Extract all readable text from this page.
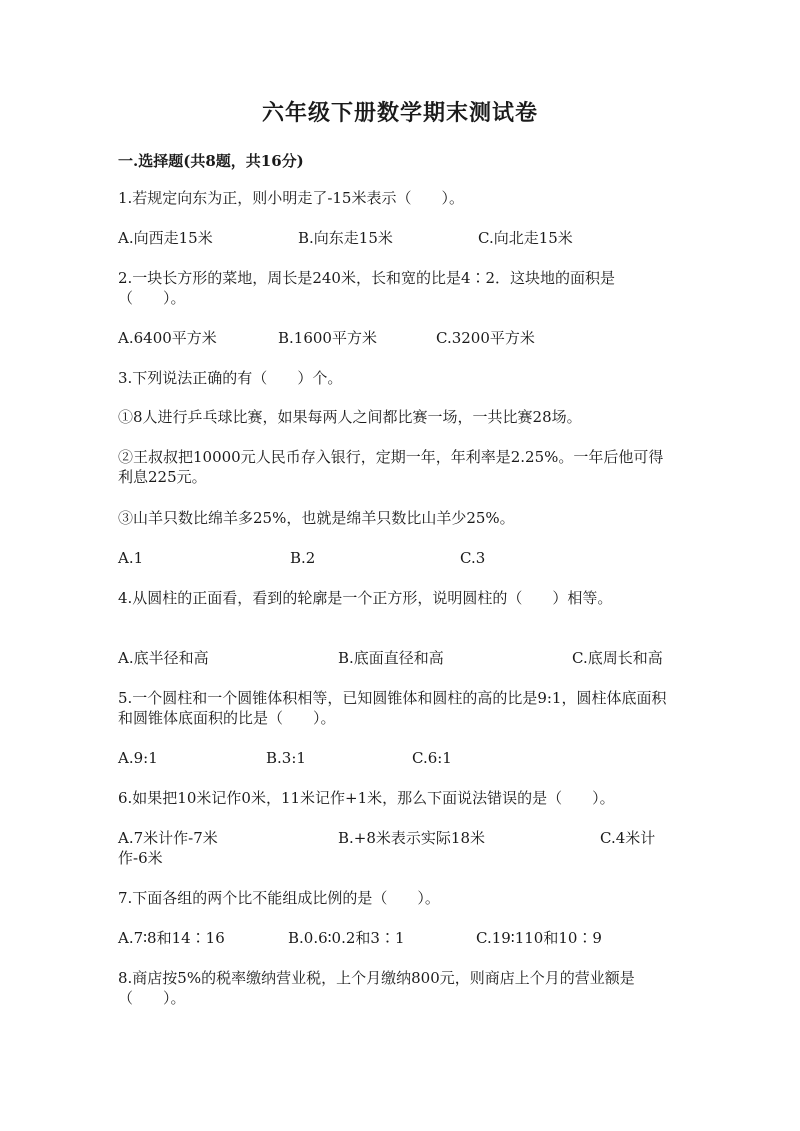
六年级下册数学期末测试卷
一.选择题(共8题，共16分)
1.若规定向东为正，则小明走了-15米表示（　　）。
A.向西走15米	B.向东走15米	C.向北走15米
2.一块长方形的菜地，周长是240米，长和宽的比是4∶2．这块地的面积是（　　）。
A.6400平方米	B.1600平方米	C.3200平方米
3.下列说法正确的有（　　）个。
①8人进行乒乓球比赛，如果每两人之间都比赛一场，一共比赛28场。
②王叔叔把10000元人民币存入银行，定期一年，年利率是2.25%。一年后他可得利息225元。
③山羊只数比绵羊多25%，也就是绵羊只数比山羊少25%。
A.1	B.2	C.3
4.从圆柱的正面看，看到的轮廓是一个正方形，说明圆柱的（　　）相等。
A.底半径和高	B.底面直径和高	C.底周长和高
5.一个圆柱和一个圆锥体积相等，已知圆锥体和圆柱的高的比是9:1，圆柱体底面积和圆锥体底面积的比是（　　）。
A.9:1	B.3:1	C.6:1
6.如果把10米记作0米，11米记作+1米，那么下面说法错误的是（　　）。
A.7米计作-7米	B.+8米表示实际18米	C.4米计作-6米
7.下面各组的两个比不能组成比例的是（　　）。
A.7∶8和14∶16	B.0.6∶0.2和3∶1	C.19∶110和10∶9
8.商店按5%的税率缴纳营业税，上个月缴纳800元，则商店上个月的营业额是（　　）。
